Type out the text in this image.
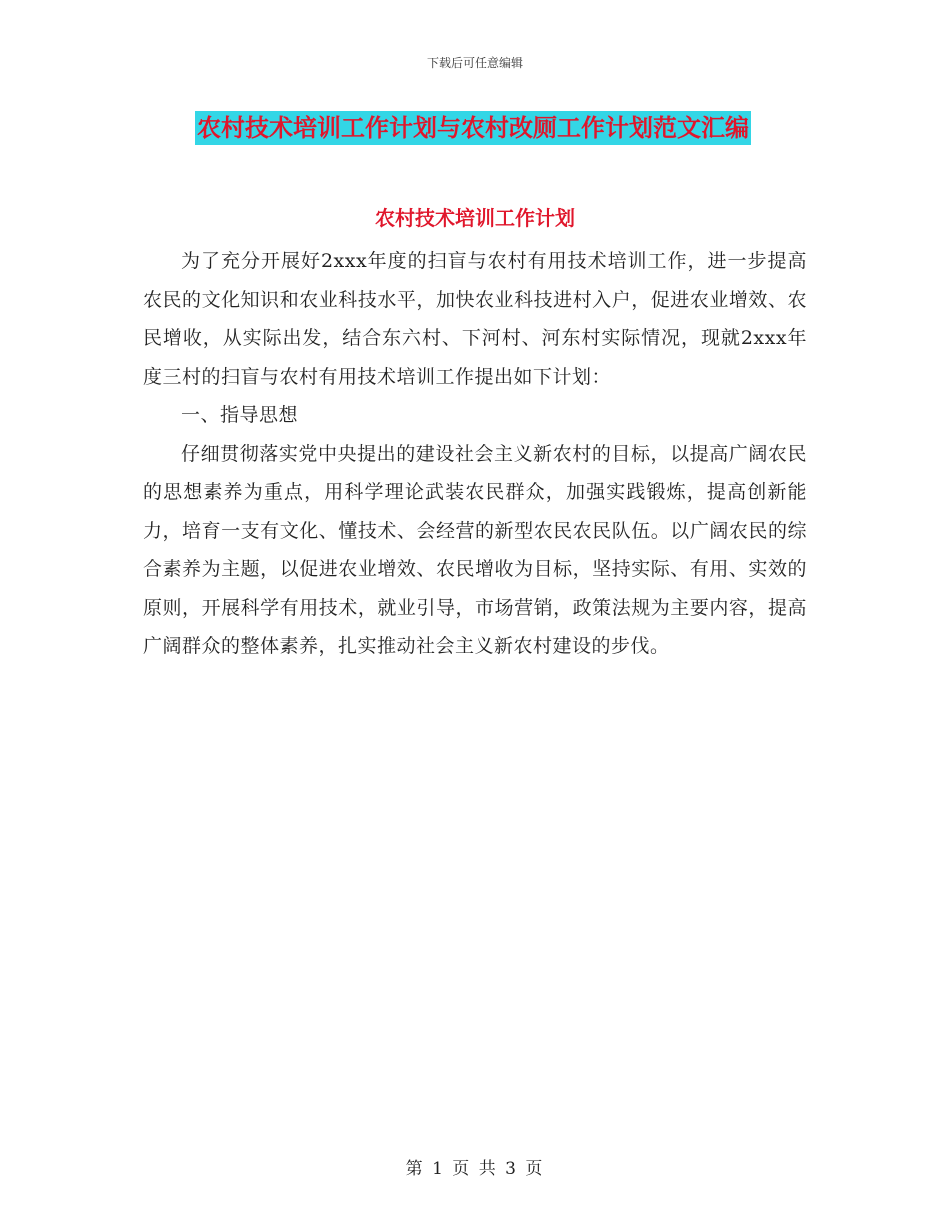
下载后可任意编辑
农村技术培训工作计划与农村改厕工作计划范文汇编
农村技术培训工作计划

为了充分开展好2xxx年度的扫盲与农村有用技术培训工作，进一步提高农民的文化知识和农业科技水平，加快农业科技进村入户，促进农业增效、农民增收，从实际出发，结合东六村、下河村、河东村实际情况，现就2xxx年度三村的扫盲与农村有用技术培训工作提出如下计划：

一、指导思想

仔细贯彻落实党中央提出的建设社会主义新农村的目标，以提高广阔农民的思想素养为重点，用科学理论武装农民群众，加强实践锻炼，提高创新能力，培育一支有文化、懂技术、会经营的新型农民农民队伍。以广阔农民的综合素养为主题，以促进农业增效、农民增收为目标，坚持实际、有用、实效的原则，开展科学有用技术，就业引导，市场营销，政策法规为主要内容，提高广阔群众的整体素养，扎实推动社会主义新农村建设的步伐。

第 1 页 共 3 页
